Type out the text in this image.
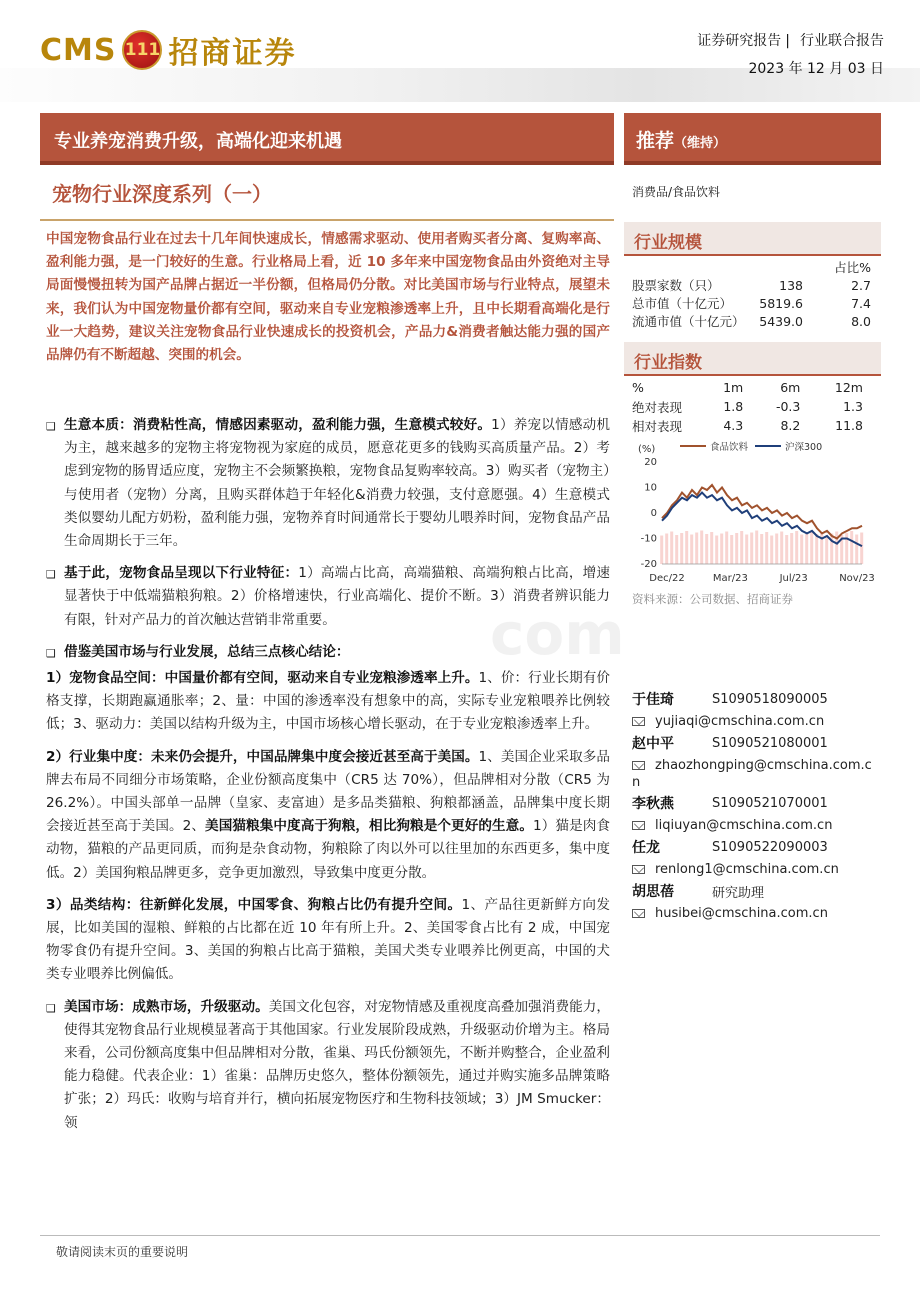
CMS 111 招商证券	证券研究报告 | 行业联合报告
2023 年 12 月 03 日
com
专业养宠消费升级，高端化迎来机遇	推荐（维持）
宠物行业深度系列（一）
中国宠物食品行业在过去十几年间快速成长，情感需求驱动、使用者购买者分离、复购率高、盈利能力强，是一门较好的生意。行业格局上看，近 10 多年来中国宠物食品由外资绝对主导局面慢慢扭转为国产品牌占据近一半份额，但格局仍分散。对比美国市场与行业特点，展望未来，我们认为中国宠物量价都有空间，驱动来自专业宠粮渗透率上升，且中长期看高端化是行业一大趋势，建议关注宠物食品行业快速成长的投资机会，产品力&消费者触达能力强的国产品牌仍有不断超越、突围的机会。
❑ 生意本质：消费粘性高，情感因素驱动，盈利能力强，生意模式较好。1）养宠以情感动机为主，越来越多的宠物主将宠物视为家庭的成员，愿意花更多的钱购买高质量产品。2）考虑到宠物的肠胃适应度，宠物主不会频繁换粮，宠物食品复购率较高。3）购买者（宠物主）与使用者（宠物）分离，且购买群体趋于年轻化&消费力较强，支付意愿强。4）生意模式类似婴幼儿配方奶粉，盈利能力强，宠物养育时间通常长于婴幼儿喂养时间，宠物食品产品生命周期长于三年。
❑ 基于此，宠物食品呈现以下行业特征：1）高端占比高，高端猫粮、高端狗粮占比高，增速显著快于中低端猫粮狗粮。2）价格增速快，行业高端化、提价不断。3）消费者辨识能力有限，针对产品力的首次触达营销非常重要。
❑ 借鉴美国市场与行业发展，总结三点核心结论：
1）宠物食品空间：中国量价都有空间，驱动来自专业宠粮渗透率上升。1、价：行业长期有价格支撑，长期跑赢通胀率；2、量：中国的渗透率没有想象中的高，实际专业宠粮喂养比例较低；3、驱动力：美国以结构升级为主，中国市场核心增长驱动，在于专业宠粮渗透率上升。
2）行业集中度：未来仍会提升，中国品牌集中度会接近甚至高于美国。1、美国企业采取多品牌去布局不同细分市场策略，企业份额高度集中（CR5 达 70%），但品牌相对分散（CR5 为 26.2%）。中国头部单一品牌（皇家、麦富迪）是多品类猫粮、狗粮都涵盖，品牌集中度长期会接近甚至高于美国。2、美国猫粮集中度高于狗粮，相比狗粮是个更好的生意。1）猫是肉食动物，猫粮的产品更同质，而狗是杂食动物，狗粮除了肉以外可以往里加的东西更多，集中度低。2）美国狗粮品牌更多，竞争更加激烈，导致集中度更分散。
3）品类结构：往新鲜化发展，中国零食、狗粮占比仍有提升空间。1、产品往更新鲜方向发展，比如美国的湿粮、鲜粮的占比都在近 10 年有所上升。2、美国零食占比有 2 成，中国宠物零食仍有提升空间。3、美国的狗粮占比高于猫粮，美国犬类专业喂养比例更高，中国的犬类专业喂养比例偏低。
❑ 美国市场：成熟市场，升级驱动。美国文化包容，对宠物情感及重视度高叠加强消费能力，使得其宠物食品行业规模显著高于其他国家。行业发展阶段成熟，升级驱动价增为主。格局来看，公司份额高度集中但品牌相对分散，雀巢、玛氏份额领先，不断并购整合，企业盈利能力稳健。代表企业：1）雀巢：品牌历史悠久，整体份额领先，通过并购实施多品牌策略扩张；2）玛氏：收购与培育并行，横向拓展宠物医疗和生物科技领域；3）JM Smucker：领
消费品/食品饮料
行业规模
占比%
股票家数（只）	138	2.7
总市值（十亿元）	5819.6	7.4
流通市值（十亿元）	5439.0	8.0
行业指数
%	1m	6m	12m
绝对表现	1.8	-0.3	1.3
相对表现	4.3	8.2	11.8
(%)	食品饮料	沪深300
20
10
0
-10
-20
Dec/22	Mar/23	Jul/23	Nov/23
资料来源：公司数据、招商证券
于佳琦	S1090518090005
yujiaqi@cmschina.com.cn
赵中平	S1090521080001
zhaozhongping@cmschina.com.c
n
李秋燕	S1090521070001
liqiuyan@cmschina.com.cn
任龙	S1090522090003
renlong1@cmschina.com.cn
胡思蓓	研究助理
husibei@cmschina.com.cn
敬请阅读末页的重要说明
